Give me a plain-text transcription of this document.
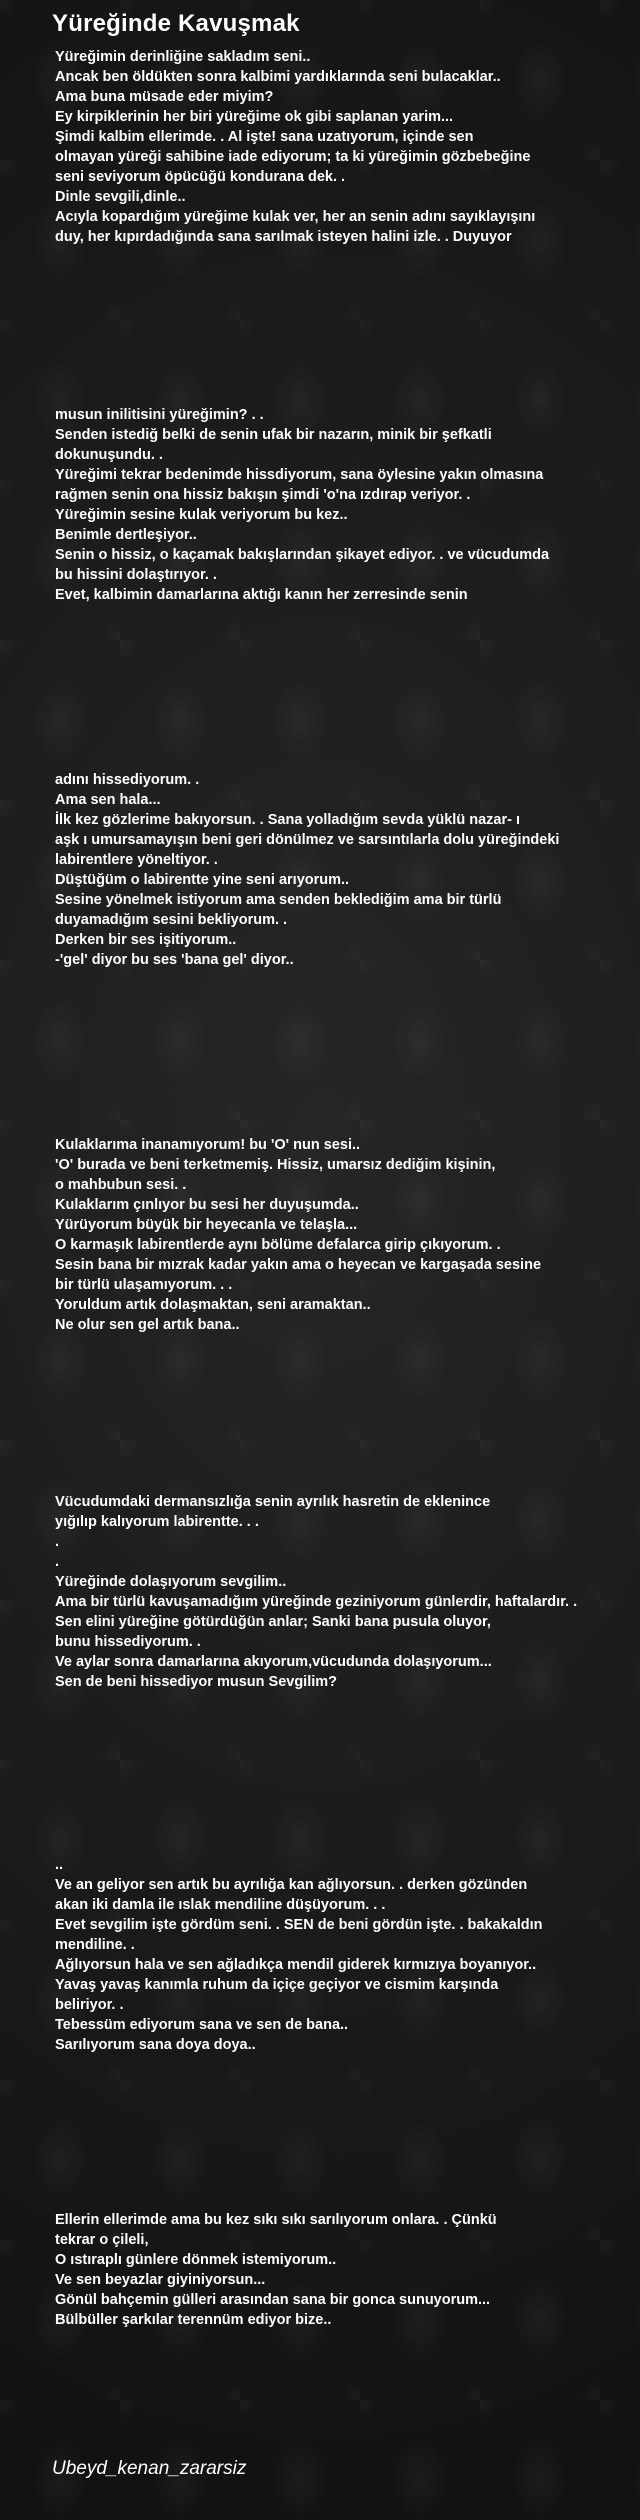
Yüreğinde Kavuşmak
Yüreğimin derinliğine sakladım seni..
Ancak ben öldükten sonra kalbimi yardıklarında seni bulacaklar..
Ama buna müsade eder miyim?
Ey kirpiklerinin her biri yüreğime ok gibi saplanan yarim...
Şimdi kalbim ellerimde. . Al işte! sana uzatıyorum, içinde sen
olmayan yüreği sahibine iade ediyorum; ta ki yüreğimin gözbebeğine
seni seviyorum öpücüğü kondurana dek. .
Dinle sevgili,dinle..
Acıyla kopardığım yüreğime kulak ver, her an senin adını sayıklayışını
duy, her kıpırdadığında sana sarılmak isteyen halini izle. . Duyuyor
musun inilitisini yüreğimin? . .
Senden istediğ belki de senin ufak bir nazarın, minik bir şefkatli
dokunuşundu. .
Yüreğimi tekrar bedenimde hissdiyorum, sana öylesine yakın olmasına
rağmen senin ona hissiz bakışın şimdi 'o'na ızdırap veriyor. .
Yüreğimin sesine kulak veriyorum bu kez..
Benimle dertleşiyor..
Senin o hissiz, o kaçamak bakışlarından şikayet ediyor. . ve vücudumda
bu hissini dolaştırıyor. .
Evet, kalbimin damarlarına aktığı kanın her zerresinde senin
adını hissediyorum. .
Ama sen hala...
İlk kez gözlerime bakıyorsun. . Sana yolladığım sevda yüklü nazar- ı
aşk ı umursamayışın beni geri dönülmez ve sarsıntılarla dolu yüreğindeki
labirentlere yöneltiyor. .
Düştüğüm o labirentte yine seni arıyorum..
Sesine yönelmek istiyorum ama senden beklediğim ama bir türlü
duyamadığım sesini bekliyorum. .
Derken bir ses işitiyorum..
-'gel' diyor bu ses 'bana gel' diyor..
Kulaklarıma inanamıyorum! bu 'O' nun sesi..
'O' burada ve beni terketmemiş. Hissiz, umarsız dediğim kişinin,
o mahbubun sesi. .
Kulaklarım çınlıyor bu sesi her duyuşumda..
Yürüyorum büyük bir heyecanla ve telaşla...
O karmaşık labirentlerde aynı bölüme defalarca girip çıkıyorum. .
Sesin bana bir mızrak kadar yakın ama o heyecan ve kargaşada sesine
bir türlü ulaşamıyorum. . .
Yoruldum artık dolaşmaktan, seni aramaktan..
Ne olur sen gel artık bana..
Vücudumdaki dermansızlığa senin ayrılık hasretin de eklenince
yığılıp kalıyorum labirentte. . .
.
.
Yüreğinde dolaşıyorum sevgilim..
Ama bir türlü kavuşamadığım yüreğinde geziniyorum günlerdir, haftalardır. .
Sen elini yüreğine götürdüğün anlar; Sanki bana pusula oluyor,
bunu hissediyorum. .
Ve aylar sonra damarlarına akıyorum,vücudunda dolaşıyorum...
Sen de beni hissediyor musun Sevgilim?
..
Ve an geliyor sen artık bu ayrılığa kan ağlıyorsun. . derken gözünden
akan iki damla ile ıslak mendiline düşüyorum. . .
Evet sevgilim işte gördüm seni. . SEN de beni gördün işte. . bakakaldın
mendiline. .
Ağlıyorsun hala ve sen ağladıkça mendil giderek kırmızıya boyanıyor..
Yavaş yavaş kanımla ruhum da içiçe geçiyor ve cismim karşında
beliriyor. .
Tebessüm ediyorum sana ve sen de bana..
Sarılıyorum sana doya doya..
Ellerin ellerimde ama bu kez sıkı sıkı sarılıyorum onlara. . Çünkü
tekrar o çileli,
O ıstıraplı günlere dönmek istemiyorum..
Ve sen beyazlar giyiniyorsun...
Gönül bahçemin gülleri arasından sana bir gonca sunuyorum...
Bülbüller şarkılar terennüm ediyor bize..
Ubeyd_kenan_zararsiz
